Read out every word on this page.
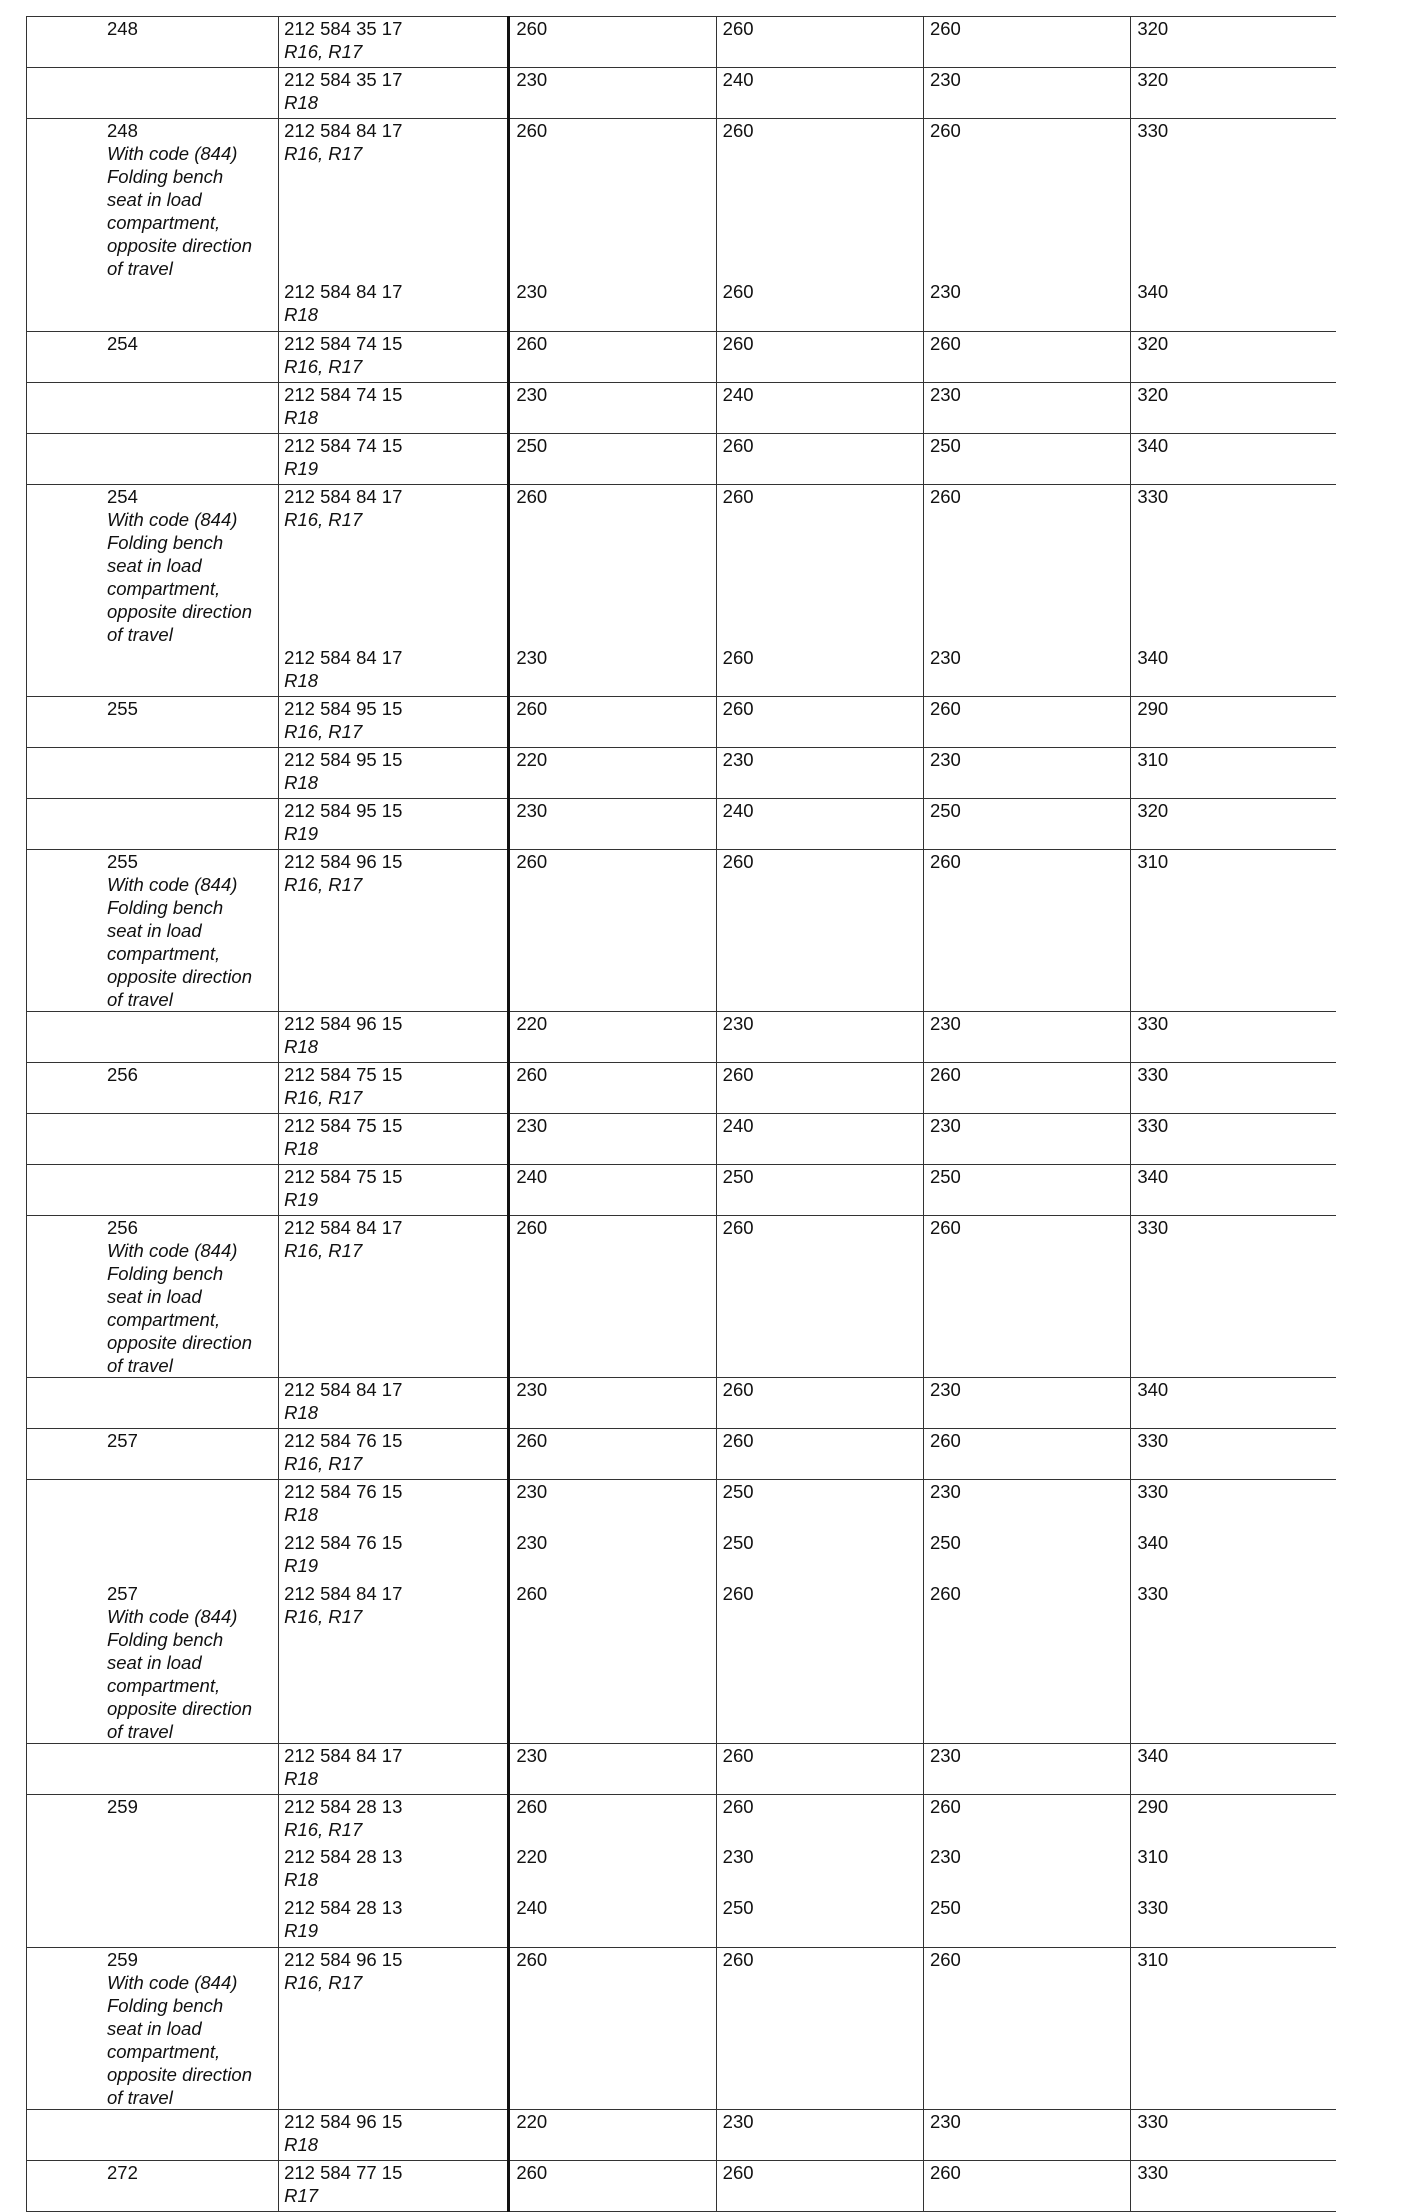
248	212 584 35 17
R16, R17	260	260	260	320

	212 584 35 17
R18	230	240	230	320

248
With code (844) Folding bench seat in load compartment, opposite direction of travel	212 584 84 17
R16, R17	260	260	260	330

	212 584 84 17
R18	230	260	230	340

254	212 584 74 15
R16, R17	260	260	260	320

	212 584 74 15
R18	230	240	230	320

	212 584 74 15
R19	250	260	250	340

254
With code (844) Folding bench seat in load compartment, opposite direction of travel	212 584 84 17
R16, R17	260	260	260	330

	212 584 84 17
R18	230	260	230	340

255	212 584 95 15
R16, R17	260	260	260	290

	212 584 95 15
R18	220	230	230	310

	212 584 95 15
R19	230	240	250	320

255
With code (844) Folding bench seat in load compartment, opposite direction of travel	212 584 96 15
R16, R17	260	260	260	310

	212 584 96 15
R18	220	230	230	330

256	212 584 75 15
R16, R17	260	260	260	330

	212 584 75 15
R18	230	240	230	330

	212 584 75 15
R19	240	250	250	340

256
With code (844) Folding bench seat in load compartment, opposite direction of travel	212 584 84 17
R16, R17	260	260	260	330

	212 584 84 17
R18	230	260	230	340

257	212 584 76 15
R16, R17	260	260	260	330

	212 584 76 15
R18	230	250	230	330

	212 584 76 15
R19	230	250	250	340

257
With code (844) Folding bench seat in load compartment, opposite direction of travel	212 584 84 17
R16, R17	260	260	260	330

	212 584 84 17
R18	230	260	230	340

259	212 584 28 13
R16, R17	260	260	260	290

	212 584 28 13
R18	220	230	230	310

	212 584 28 13
R19	240	250	250	330

259
With code (844) Folding bench seat in load compartment, opposite direction of travel	212 584 96 15
R16, R17	260	260	260	310

	212 584 96 15
R18	220	230	230	330

272	212 584 77 15
R17	260	260	260	330
